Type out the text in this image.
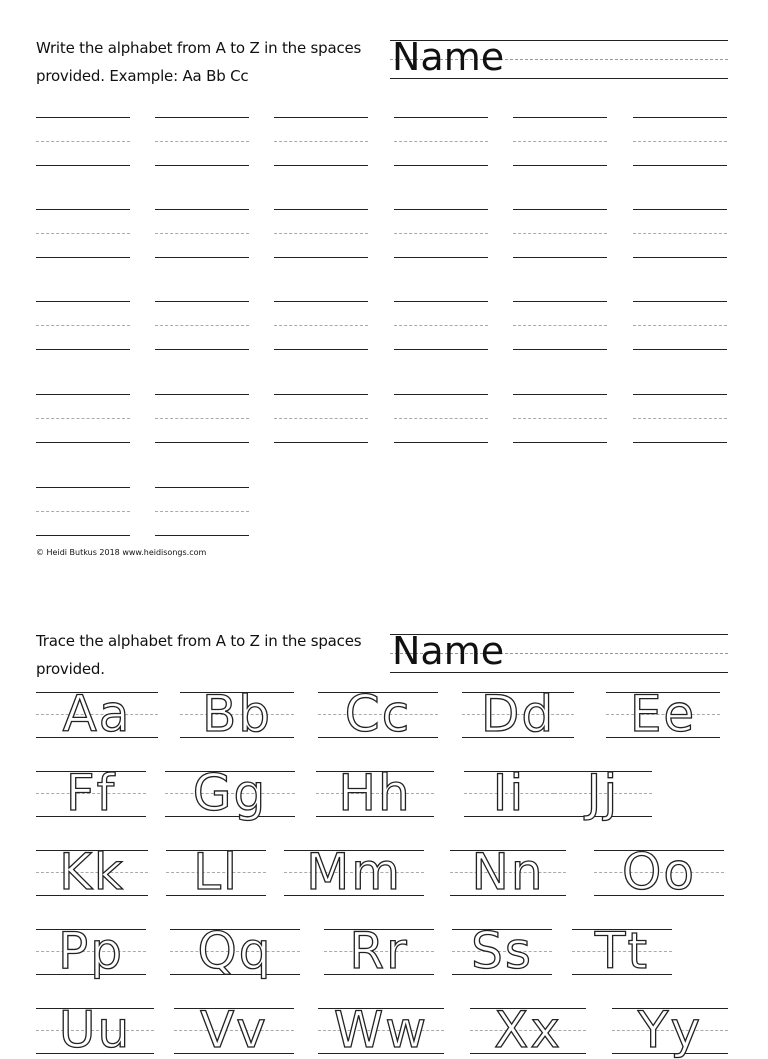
Write the alphabet from A to Z in the spaces
provided. Example: Aa Bb Cc	Name
© Heidi Butkus 2018 www.heidisongs.com
Trace the alphabet from A to Z in the spaces
provided.	Name
Aa	Bb	Cc	Dd	Ee
Ff	Gg	Hh	Ii	Jj
Kk	Ll	Mm	Nn	Oo
Pp	Qq	Rr	Ss	Tt
Uu	Vv	Ww	Xx	Yy
